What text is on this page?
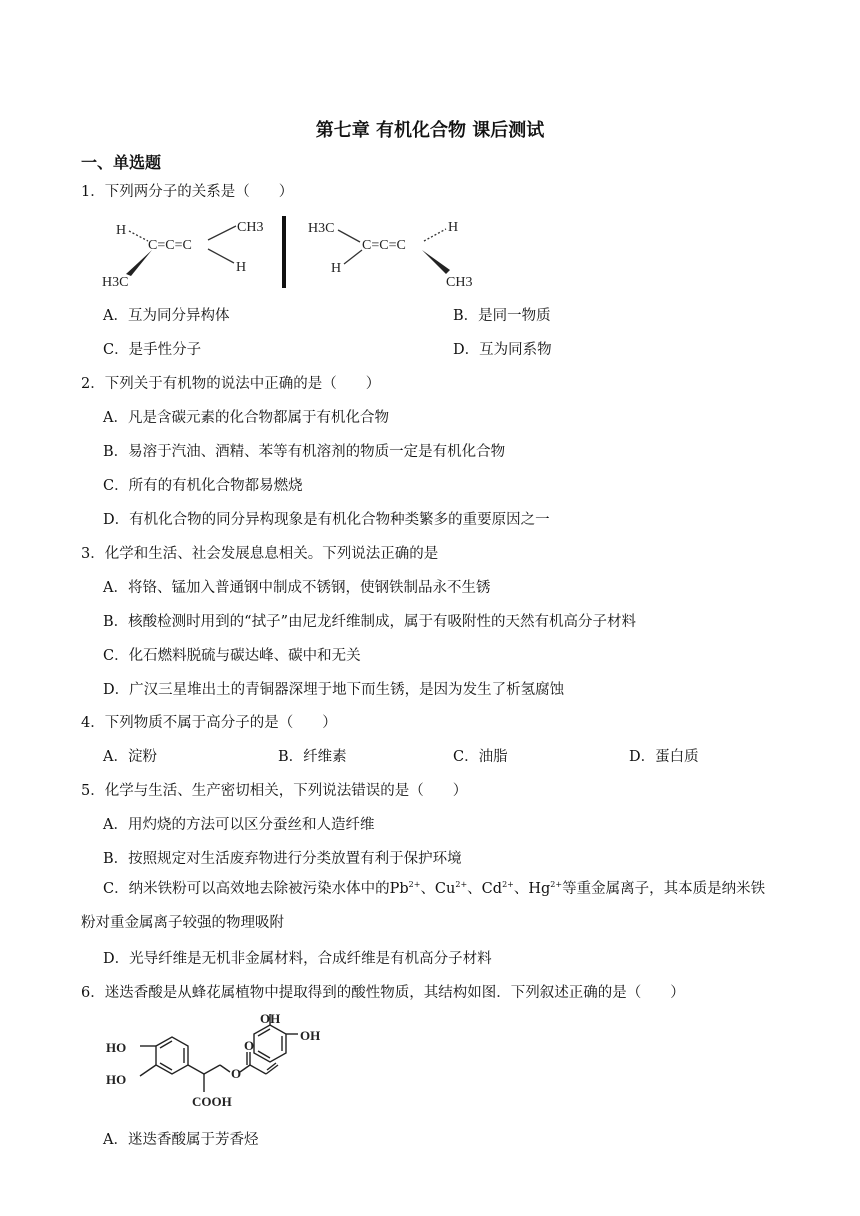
第七章 有机化合物 课后测试
一、单选题
1．下列两分子的关系是（　　）
H
C=C=C
CH3
H3C
H
H3C
C=C=C
H
H
CH3
A．互为同分异构体	B．是同一物质
C．是手性分子	D．互为同系物
2．下列关于有机物的说法中正确的是（　　）
A．凡是含碳元素的化合物都属于有机化合物
B．易溶于汽油、酒精、苯等有机溶剂的物质一定是有机化合物
C．所有的有机化合物都易燃烧
D．有机化合物的同分异构现象是有机化合物种类繁多的重要原因之一
3．化学和生活、社会发展息息相关。下列说法正确的是
A．将铬、锰加入普通钢中制成不锈钢，使钢铁制品永不生锈
B．核酸检测时用到的“拭子”由尼龙纤维制成，属于有吸附性的天然有机高分子材料
C．化石燃料脱硫与碳达峰、碳中和无关
D．广汉三星堆出土的青铜器深埋于地下而生锈，是因为发生了析氢腐蚀
4．下列物质不属于高分子的是（　　）
A．淀粉	B．纤维素	C．油脂	D．蛋白质
5．化学与生活、生产密切相关，下列说法错误的是（　　）
A．用灼烧的方法可以区分蚕丝和人造纤维
B．按照规定对生活废弃物进行分类放置有利于保护环境
C．纳米铁粉可以高效地去除被污染水体中的$Pb^{2+}$、$Cu^{2+}$、$Cd^{2+}$、$Hg^{2+}$等重金属离子，其本质是纳米铁
粉对重金属离子较强的物理吸附
D．光导纤维是无机非金属材料，合成纤维是有机高分子材料
6．迷迭香酸是从蜂花属植物中提取得到的酸性物质，其结构如图．下列叙述正确的是（　　）
OH
OH
HO
HO	O
O
COOH
A．迷迭香酸属于芳香烃
